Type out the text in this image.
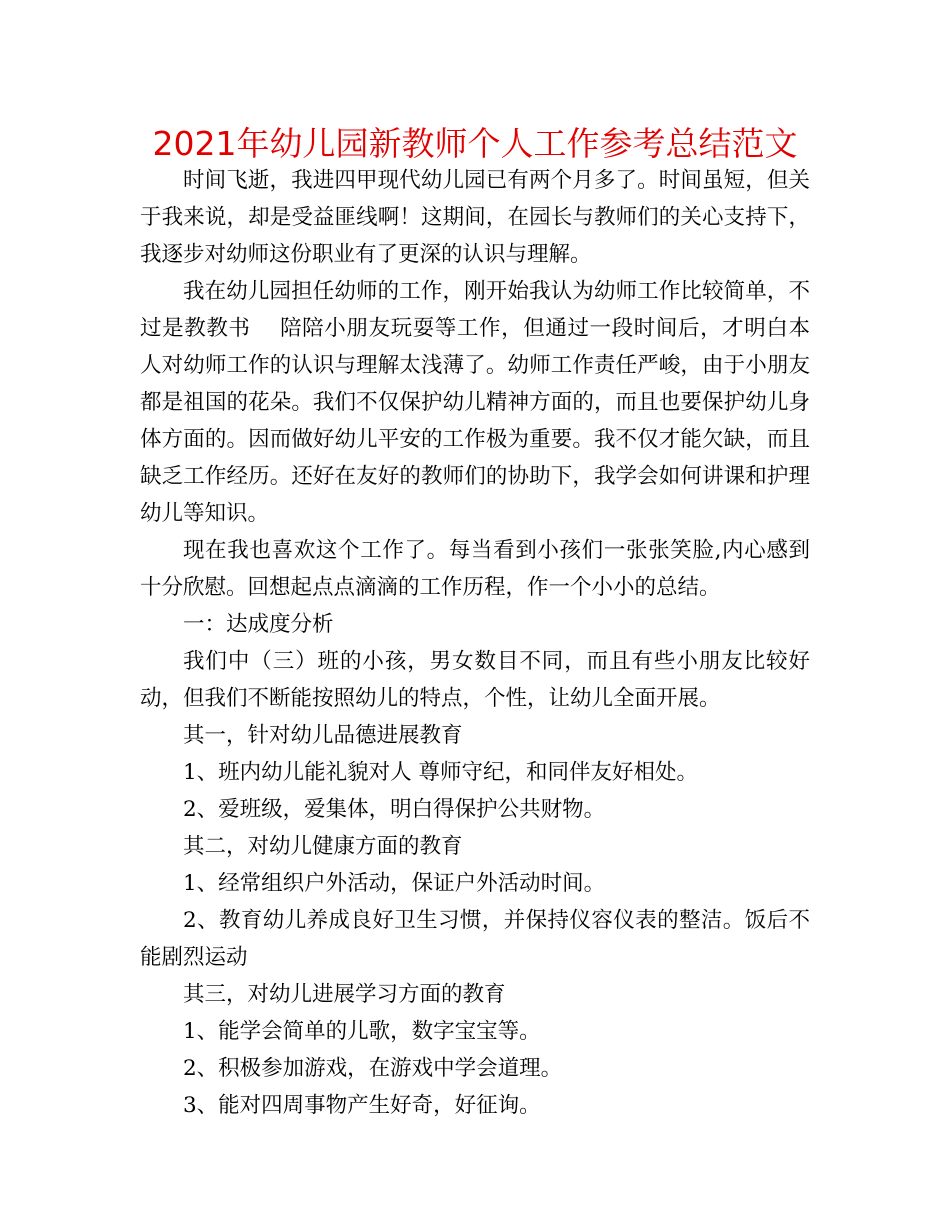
2021年幼儿园新教师个人工作参考总结范文

时间飞逝，我进四甲现代幼儿园已有两个月多了。时间虽短，但关于我来说，却是受益匪线啊！这期间，在园长与教师们的关心支持下，我逐步对幼师这份职业有了更深的认识与理解。

我在幼儿园担任幼师的工作，刚开始我认为幼师工作比较简单，不过是教教书　 陪陪小朋友玩耍等工作，但通过一段时间后，才明白本人对幼师工作的认识与理解太浅薄了。幼师工作责任严峻，由于小朋友都是祖国的花朵。我们不仅保护幼儿精神方面的，而且也要保护幼儿身体方面的。因而做好幼儿平安的工作极为重要。我不仅才能欠缺，而且缺乏工作经历。还好在友好的教师们的协助下，我学会如何讲课和护理幼儿等知识。

现在我也喜欢这个工作了。每当看到小孩们一张张笑脸,内心感到十分欣慰。回想起点点滴滴的工作历程，作一个小小的总结。

一：达成度分析

我们中（三）班的小孩，男女数目不同，而且有些小朋友比较好动，但我们不断能按照幼儿的特点，个性，让幼儿全面开展。

其一，针对幼儿品德进展教育

1、班内幼儿能礼貌对人 尊师守纪，和同伴友好相处。

2、爱班级，爱集体，明白得保护公共财物。

其二，对幼儿健康方面的教育

1、经常组织户外活动，保证户外活动时间。

2、教育幼儿养成良好卫生习惯，并保持仪容仪表的整洁。饭后不能剧烈运动

其三，对幼儿进展学习方面的教育

1、能学会简单的儿歌，数字宝宝等。

2、积极参加游戏，在游戏中学会道理。

3、能对四周事物产生好奇，好征询。
